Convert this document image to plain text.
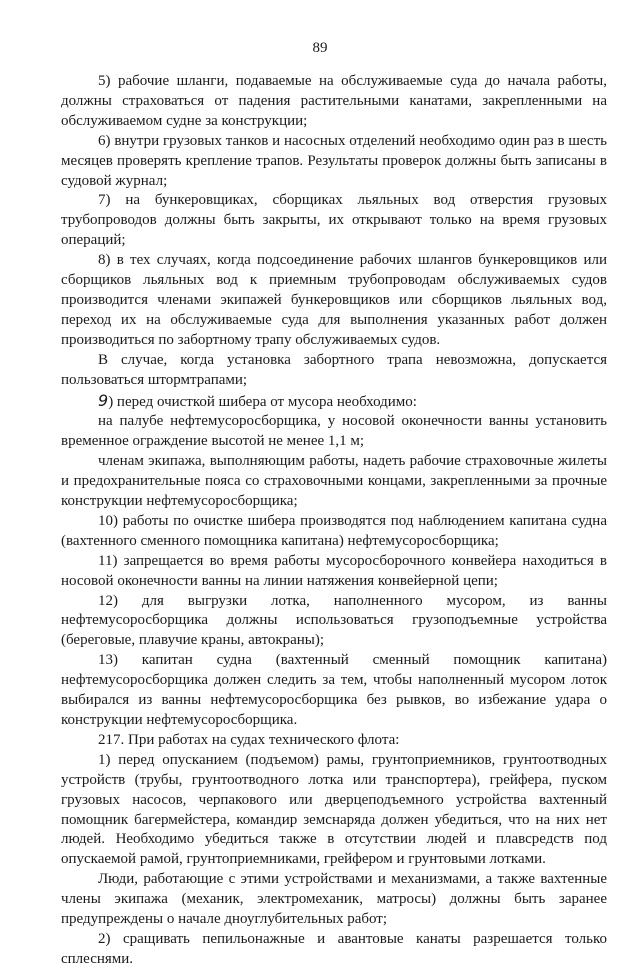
89

5) рабочие шланги, подаваемые на обслуживаемые суда до начала работы, должны страховаться от падения растительными канатами, закрепленными на обслуживаемом судне за конструкции;

6) внутри грузовых танков и насосных отделений необходимо один раз в шесть месяцев проверять крепление трапов. Результаты проверок должны быть записаны в судовой журнал;

7) на бункеровщиках, сборщиках льяльных вод отверстия грузовых трубопроводов должны быть закрыты, их открывают только на время грузовых операций;

8) в тех случаях, когда подсоединение рабочих шлангов бункеровщиков или сборщиков льяльных вод к приемным трубопроводам обслуживаемых судов производится членами экипажей бункеровщиков или сборщиков льяльных вод, переход их на обслуживаемые суда для выполнения указанных работ должен производиться по забортному трапу обслуживаемых судов.

В случае, когда установка забортного трапа невозможна, допускается пользоваться штормтрапами;

9) перед очисткой шибера от мусора необходимо:

на палубе нефтемусоросборщика, у носовой оконечности ванны установить временное ограждение высотой не менее 1,1 м;

членам экипажа, выполняющим работы, надеть рабочие страховочные жилеты и предохранительные пояса со страховочными концами, закрепленными за прочные конструкции нефтемусоросборщика;

10) работы по очистке шибера производятся под наблюдением капитана судна (вахтенного сменного помощника капитана) нефтемусоросборщика;

11) запрещается во время работы мусоросборочного конвейера находиться в носовой оконечности ванны на линии натяжения конвейерной цепи;

12) для выгрузки лотка, наполненного мусором, из ванны нефтемусоросборщика должны использоваться грузоподъемные устройства (береговые, плавучие краны, автокраны);

13) капитан судна (вахтенный сменный помощник капитана) нефтемусоросборщика должен следить за тем, чтобы наполненный мусором лоток выбирался из ванны нефтемусоросборщика без рывков, во избежание удара о конструкции нефтемусоросборщика.

217. При работах на судах технического флота:

1) перед опусканием (подъемом) рамы, грунтоприемников, грунтоотводных устройств (трубы, грунтоотводного лотка или транспортера), грейфера, пуском грузовых насосов, черпакового или дверцеподъемного устройства вахтенный помощник багермейстера, командир земснаряда должен убедиться, что на них нет людей. Необходимо убедиться также в отсутствии людей и плавсредств под опускаемой рамой, грунтоприемниками, грейфером и грунтовыми лотками.

Люди, работающие с этими устройствами и механизмами, а также вахтенные члены экипажа (механик, электромеханик, матросы) должны быть заранее предупреждены о начале дноуглубительных работ;

2) сращивать пепильонажные и авантовые канаты разрешается только сплеснями.
